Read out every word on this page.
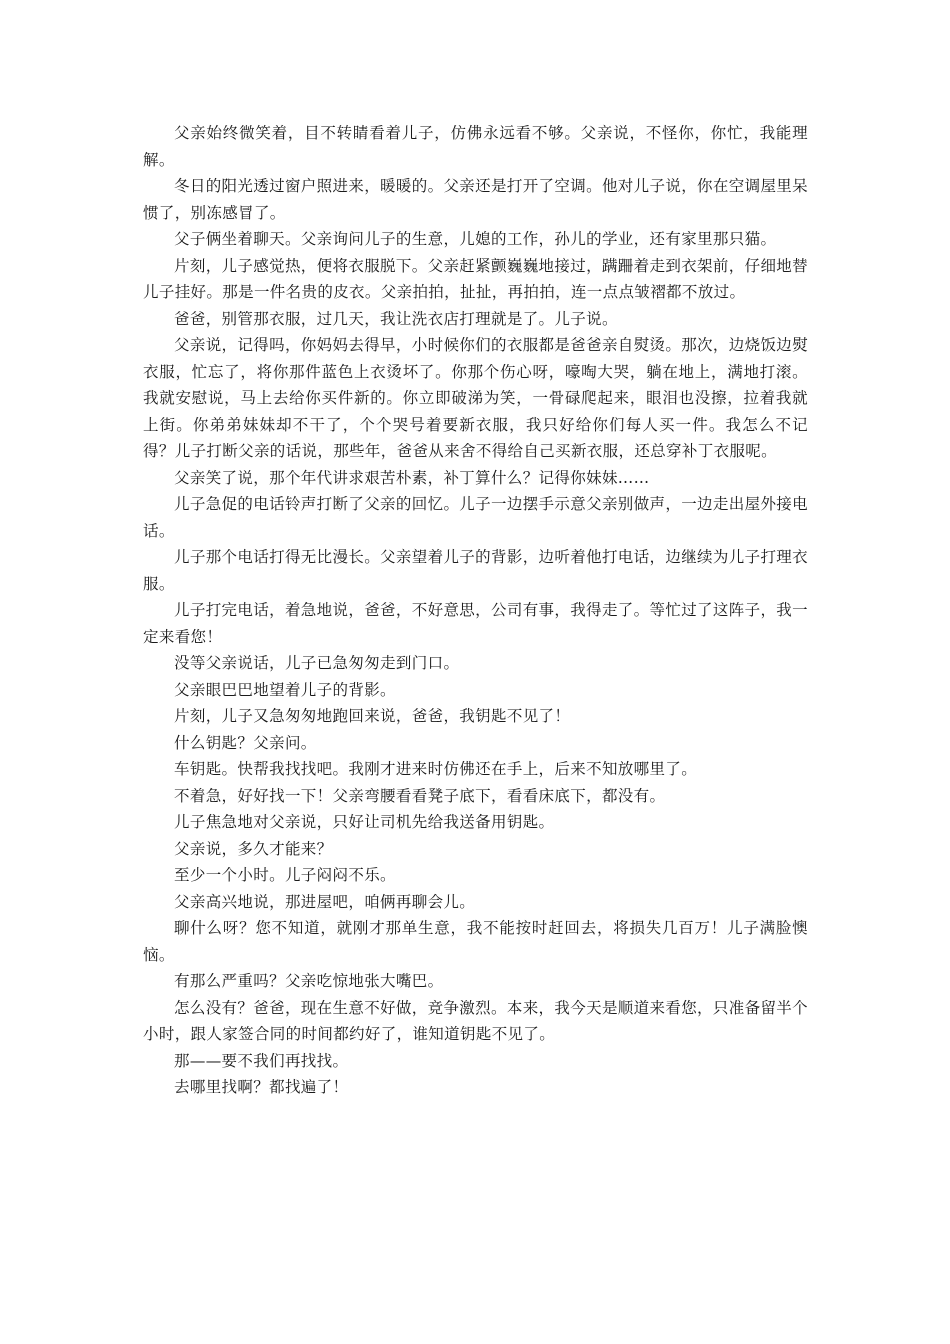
父亲始终微笑着，目不转睛看着儿子，仿佛永远看不够。父亲说，不怪你，你忙，我能理解。

冬日的阳光透过窗户照进来，暖暖的。父亲还是打开了空调。他对儿子说，你在空调屋里呆惯了，别冻感冒了。

父子俩坐着聊天。父亲询问儿子的生意，儿媳的工作，孙儿的学业，还有家里那只猫。

片刻，儿子感觉热，便将衣服脱下。父亲赶紧颤巍巍地接过，蹒跚着走到衣架前，仔细地替儿子挂好。那是一件名贵的皮衣。父亲拍拍，扯扯，再拍拍，连一点点皱褶都不放过。

爸爸，别管那衣服，过几天，我让洗衣店打理就是了。儿子说。

父亲说，记得吗，你妈妈去得早，小时候你们的衣服都是爸爸亲自熨烫。那次，边烧饭边熨衣服，忙忘了，将你那件蓝色上衣烫坏了。你那个伤心呀，嚎啕大哭，躺在地上，满地打滚。我就安慰说，马上去给你买件新的。你立即破涕为笑，一骨碌爬起来，眼泪也没擦，拉着我就上街。你弟弟妹妹却不干了，个个哭号着要新衣服，我只好给你们每人买一件。我怎么不记得？儿子打断父亲的话说，那些年，爸爸从来舍不得给自己买新衣服，还总穿补丁衣服呢。

父亲笑了说，那个年代讲求艰苦朴素，补丁算什么？记得你妹妹……

儿子急促的电话铃声打断了父亲的回忆。儿子一边摆手示意父亲别做声，一边走出屋外接电话。

儿子那个电话打得无比漫长。父亲望着儿子的背影，边听着他打电话，边继续为儿子打理衣服。

儿子打完电话，着急地说，爸爸，不好意思，公司有事，我得走了。等忙过了这阵子，我一定来看您！

没等父亲说话，儿子已急匆匆走到门口。

父亲眼巴巴地望着儿子的背影。

片刻，儿子又急匆匆地跑回来说，爸爸，我钥匙不见了！

什么钥匙？父亲问。

车钥匙。快帮我找找吧。我刚才进来时仿佛还在手上，后来不知放哪里了。

不着急，好好找一下！父亲弯腰看看凳子底下，看看床底下，都没有。

儿子焦急地对父亲说，只好让司机先给我送备用钥匙。

父亲说，多久才能来？

至少一个小时。儿子闷闷不乐。

父亲高兴地说，那进屋吧，咱俩再聊会儿。

聊什么呀？您不知道，就刚才那单生意，我不能按时赶回去，将损失几百万！儿子满脸懊恼。

有那么严重吗？父亲吃惊地张大嘴巴。

怎么没有？爸爸，现在生意不好做，竞争激烈。本来，我今天是顺道来看您，只准备留半个小时，跟人家签合同的时间都约好了，谁知道钥匙不见了。

那——要不我们再找找。

去哪里找啊？都找遍了！
